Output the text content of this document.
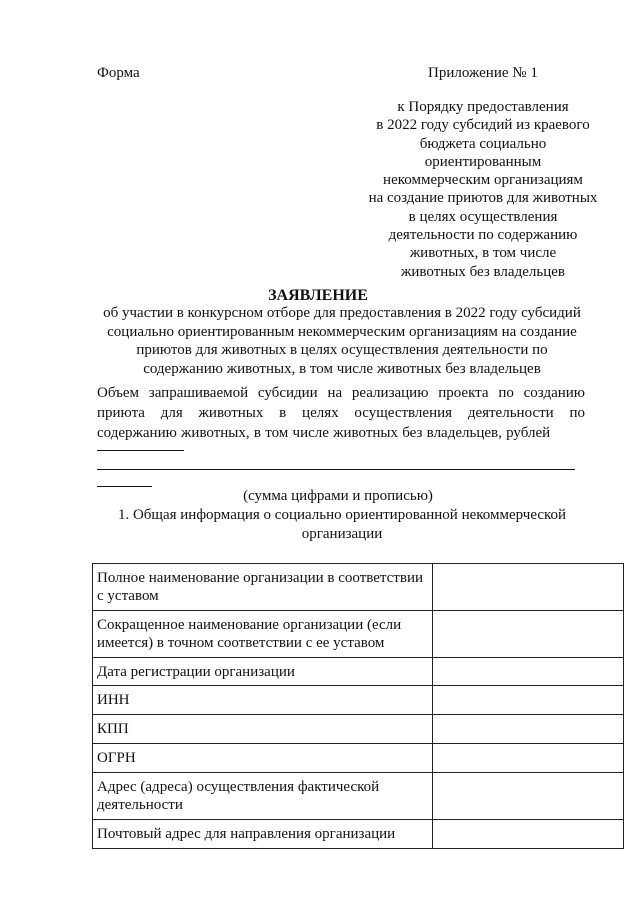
Форма	Приложение № 1
к Порядку предоставления
в 2022 году субсидий из краевого
бюджета социально
ориентированным
некоммерческим организациям
на создание приютов для животных
в целях осуществления
деятельности по содержанию
животных, в том числе
животных без владельцев
ЗАЯВЛЕНИЕ
об участии в конкурсном отборе для предоставления в 2022 году субсидий
социально ориентированным некоммерческим организациям на создание
приютов для животных в целях осуществления деятельности по
содержанию животных, в том числе животных без владельцев
Объем запрашиваемой субсидии на реализацию проекта по созданию приюта для животных в целях осуществления деятельности по содержанию животных, в том числе животных без владельцев, рублей
(сумма цифрами и прописью)
1. Общая информация о социально ориентированной некоммерческой
организации
Полное наименование организации в соответствии с уставом	
Сокращенное наименование организации (если имеется) в точном соответствии с ее уставом	
Дата регистрации организации	
ИНН	
КПП	
ОГРН	
Адрес (адреса) осуществления фактической деятельности	
Почтовый адрес для направления организации	
